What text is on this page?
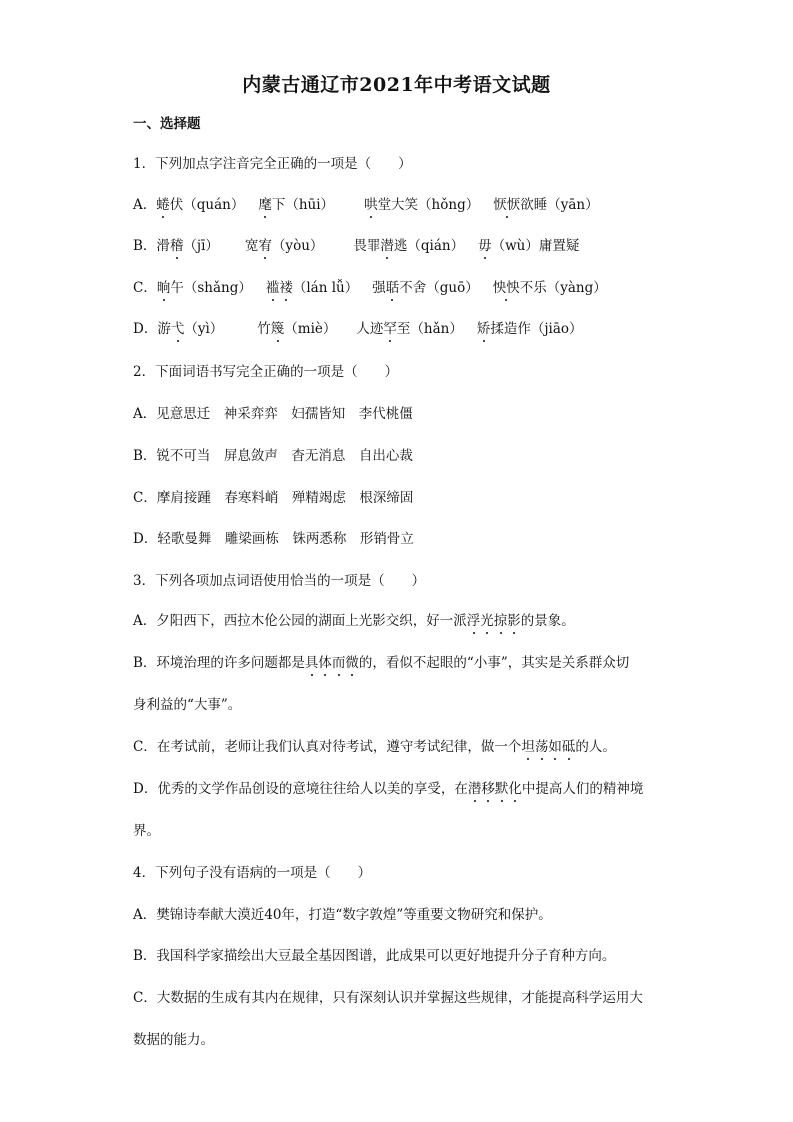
内蒙古通辽市2021年中考语文试题
一、选择题
1．下列加点字注音完全正确的一项是（　　）
A．蜷伏（quán） 麾下（hūi） 哄堂大笑（hǒng） 恹恹欲睡（yān）
B．滑稽（jī） 宽宥（yòu） 畏罪潜逃（qián） 毋（wù）庸置疑
C．晌午（shǎng） 褴褛（lán lǚ） 强聒不舍（guō） 怏怏不乐（yàng）
D．游弋（yì）	竹篾（miè） 人迹罕至（hǎn） 矫揉造作（jiāo）
2．下面词语书写完全正确的一项是（　　）
A．见意思迁　神采弈弈　妇孺皆知　李代桃僵
B．锐不可当　屏息敛声　杳无消息　自出心裁
C．摩肩接踵　春寒料峭　殚精竭虑　根深缔固
D．轻歌曼舞　雕梁画栋　铢两悉称　形销骨立
3．下列各项加点词语使用恰当的一项是（　　）
A．夕阳西下，西拉木伦公园的湖面上光影交织，好一派浮光掠影的景象。
B．环境治理的许多问题都是具体而微的，看似不起眼的“小事”，其实是关系群众切
身利益的“大事”。
C．在考试前，老师让我们认真对待考试，遵守考试纪律，做一个坦荡如砥的人。
D．优秀的文学作品创设的意境往往给人以美的享受，在潜移默化中提高人们的精神境
界。
4．下列句子没有语病的一项是（　　）
A．樊锦诗奉献大漠近40年，打造“数字敦煌”等重要文物研究和保护。
B．我国科学家描绘出大豆最全基因图谱，此成果可以更好地提升分子育种方向。
C．大数据的生成有其内在规律，只有深刻认识并掌握这些规律，才能提高科学运用大
数据的能力。
